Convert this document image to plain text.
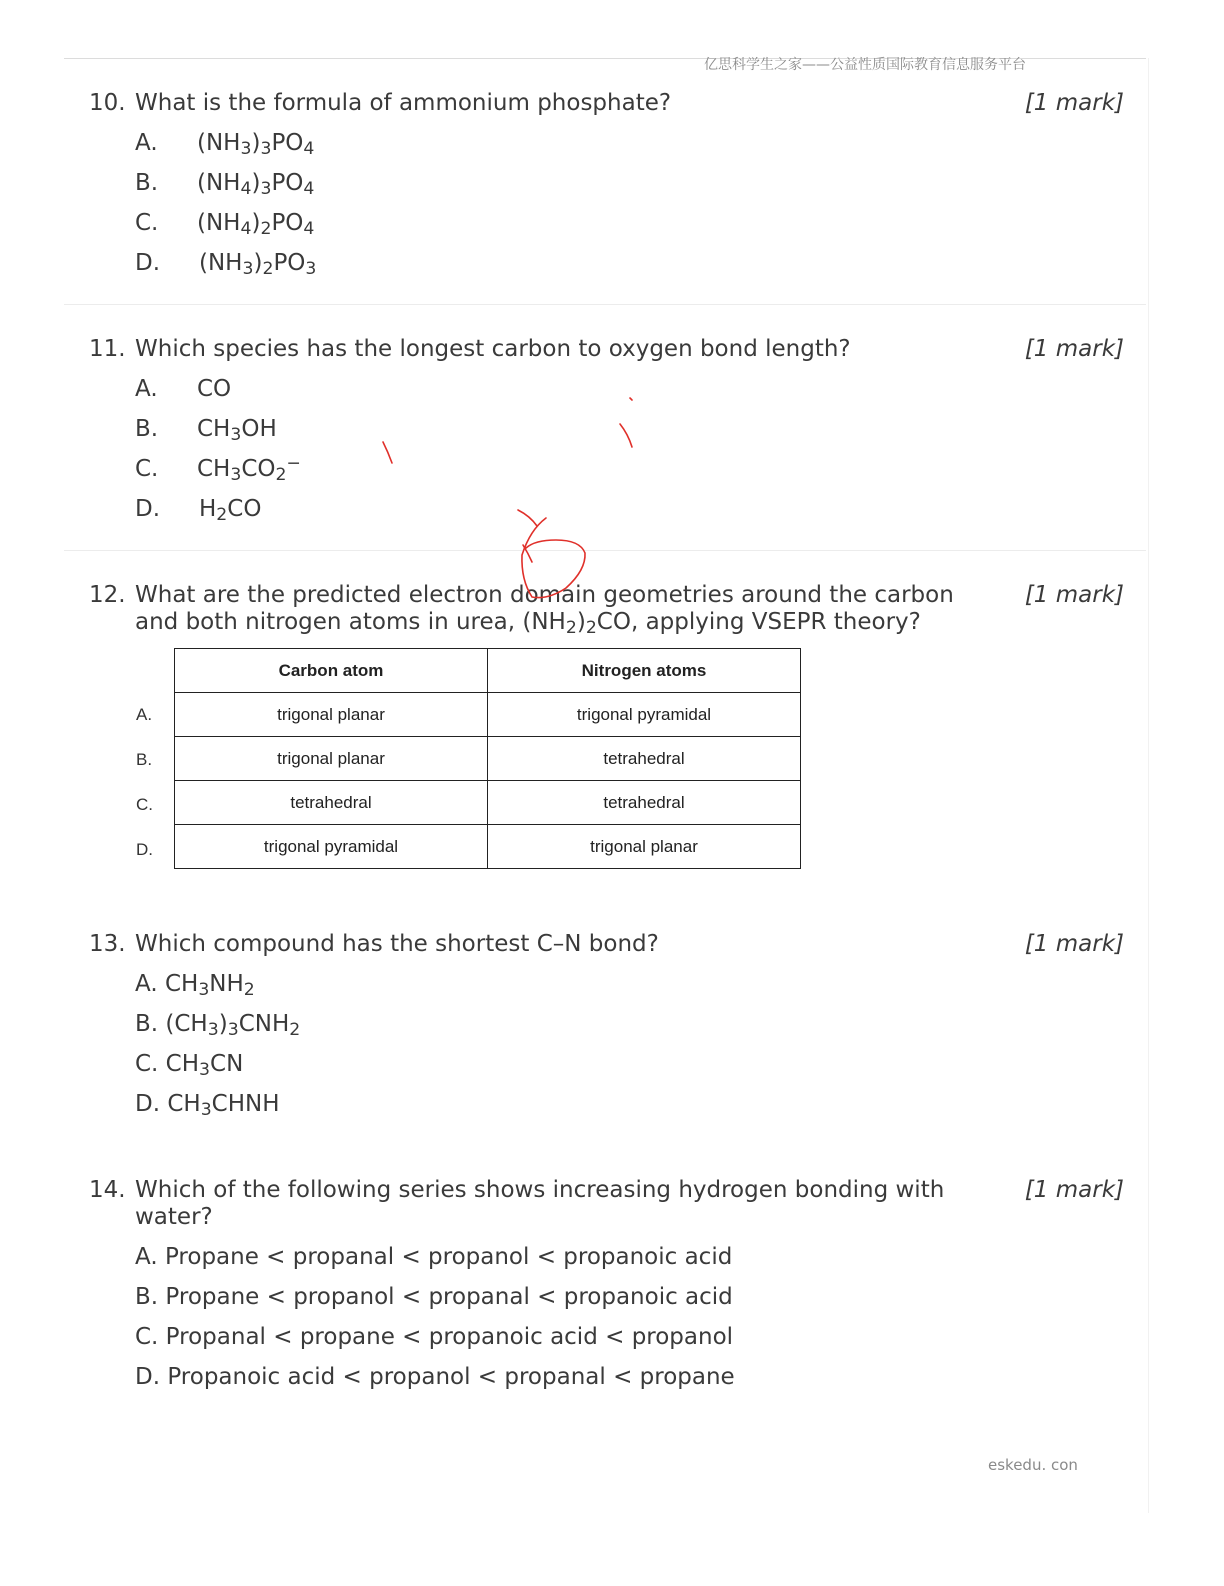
亿思科学生之家——公益性质国际教育信息服务平台
10. What is the formula of ammonium phosphate?	[1 mark]
A. $(NH_3)_3PO_4$
B. $(NH_4)_3PO_4$
C. $(NH_4)_2PO_4$
D. $(NH_3)_2PO_3$
11. Which species has the longest carbon to oxygen bond length?	[1 mark]
A. CO
B. $CH_3OH$
C. $CH_3CO_2^-$
D. $H_2CO$
12. What are the predicted electron domain geometries around the carbon
and both nitrogen atoms in urea, $(NH_2)_2CO$, applying VSEPR theory?
[1 mark]
A.
B.
C.
D.
Carbon atom	Nitrogen atoms
trigonal planar	trigonal pyramidal
trigonal planar	tetrahedral
tetrahedral	tetrahedral
trigonal pyramidal	trigonal planar
13. Which compound has the shortest C–N bond?	[1 mark]
A. $CH_3NH_2$
B. $(CH_3)_3CNH_2$
C. $CH_3CN$
D. $CH_3CHNH$
14. Which of the following series shows increasing hydrogen bonding with
water?
[1 mark]
A. Propane < propanal < propanol < propanoic acid
B. Propane < propanol < propanal < propanoic acid
C. Propanal < propane < propanoic acid < propanol
D. Propanoic acid < propanol < propanal < propane
eskedu. con
